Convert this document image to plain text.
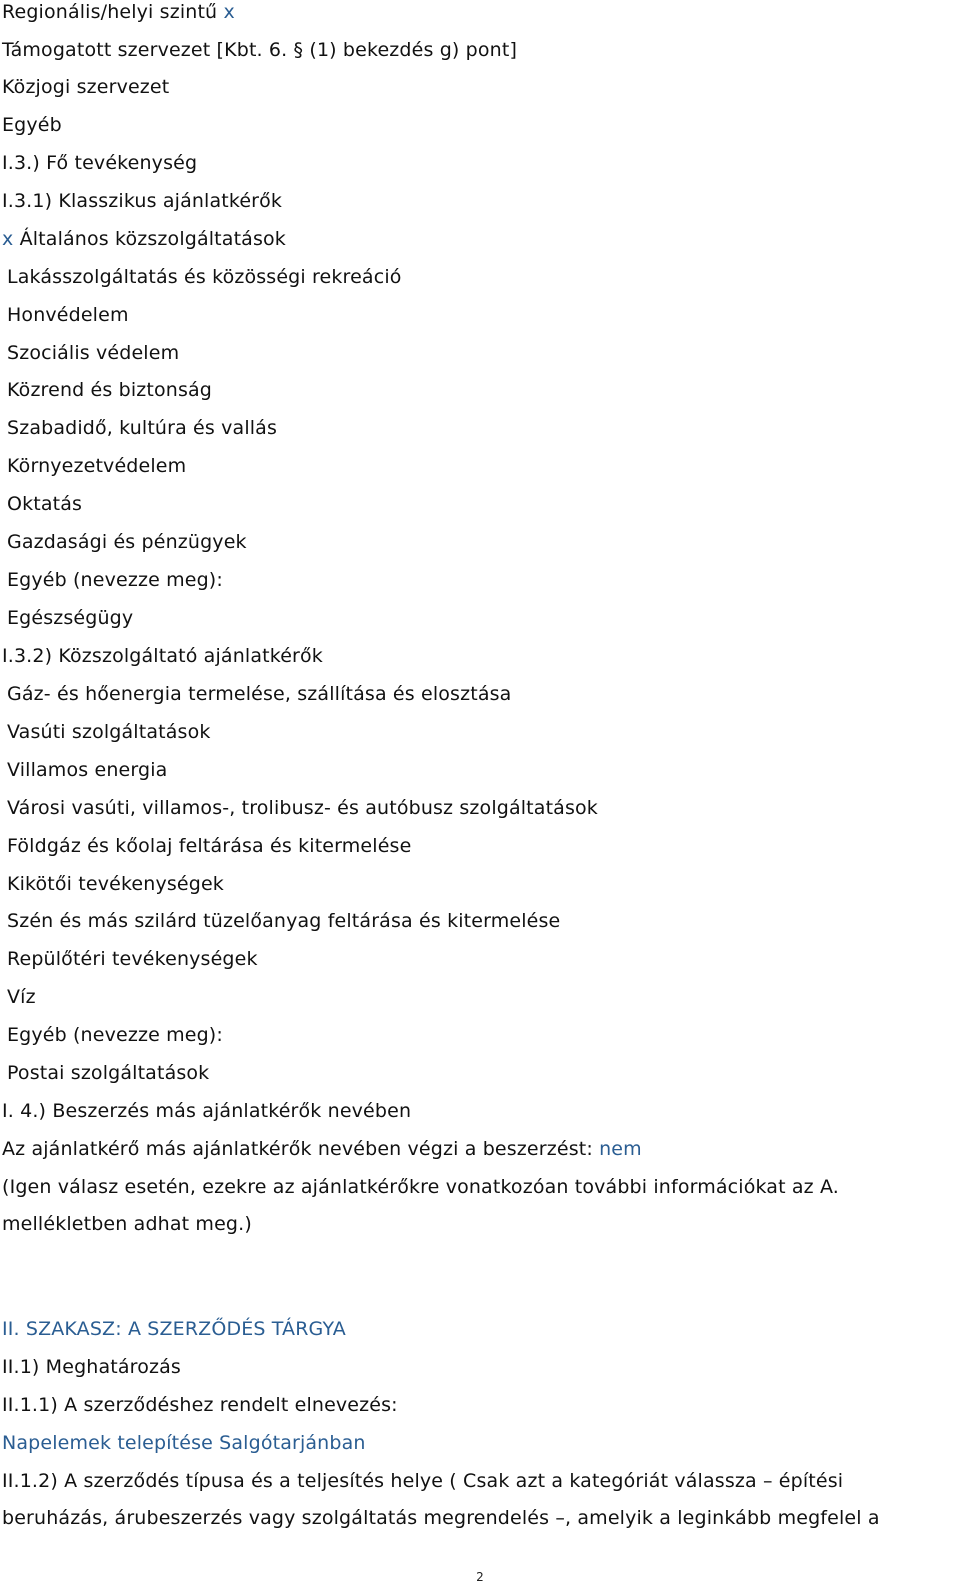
Regionális/helyi szintű x
Támogatott szervezet [Kbt. 6. § (1) bekezdés g) pont]
Közjogi szervezet
Egyéb
I.3.) Fő tevékenység
I.3.1) Klasszikus ajánlatkérők
x Általános közszolgáltatások
Lakásszolgáltatás és közösségi rekreáció
Honvédelem
Szociális védelem
Közrend és biztonság
Szabadidő, kultúra és vallás
Környezetvédelem
Oktatás
Gazdasági és pénzügyek
Egyéb (nevezze meg):
Egészségügy
I.3.2) Közszolgáltató ajánlatkérők
Gáz- és hőenergia termelése, szállítása és elosztása
Vasúti szolgáltatások
Villamos energia
Városi vasúti, villamos-, trolibusz- és autóbusz szolgáltatások
Földgáz és kőolaj feltárása és kitermelése
Kikötői tevékenységek
Szén és más szilárd tüzelőanyag feltárása és kitermelése
Repülőtéri tevékenységek
Víz
Egyéb (nevezze meg):
Postai szolgáltatások
I. 4.) Beszerzés más ajánlatkérők nevében
Az ajánlatkérő más ajánlatkérők nevében végzi a beszerzést: nem
(Igen válasz esetén, ezekre az ajánlatkérőkre vonatkozóan további információkat az A.
mellékletben adhat meg.)
II. SZAKASZ: A SZERZŐDÉS TÁRGYA
II.1) Meghatározás
II.1.1) A szerződéshez rendelt elnevezés:
Napelemek telepítése Salgótarjánban
II.1.2) A szerződés típusa és a teljesítés helye ( Csak azt a kategóriát válassza – építési
beruházás, árubeszerzés vagy szolgáltatás megrendelés –, amelyik a leginkább megfelel a
2
